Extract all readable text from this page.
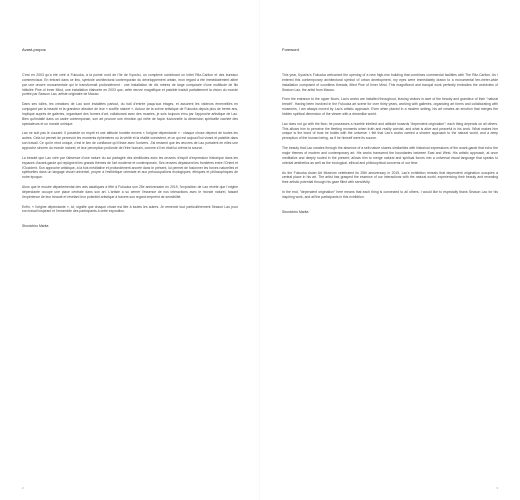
Avant-propos

C'est en 2003 qu'a été créé à Fukuoka, à la pointe nord de l'île de Kyushu, un complexe combinant un hôtel Ritz-Carlton et des bureaux commerciaux. En entrant dans ce lieu, symbole architectural contemporain du développement urbain, mon regard a été immédiatement attiré par une œuvre monumentale qui le transformait profondément : une installation de dix mètres de large composée d'une multitude de fils intitulée Pine of Inner Mind, une installation élaborée en 2003 que, cette œuvre magnifique et paisible traduit parfaitement la vision du monde portée par Season Lao, artiste originaire de Macao.

Dans ses toiles, les créations de Lao sont installées partout, du hall d'entrée jusqu'aux étages, et assurent les visiteurs émerveillés en conjugant par la beauté et la grandeur absolue de leur « souffle naturel ». Autour de la scène artistique de Fukuoka depuis plus de trente ans, impliqué auprès de galeries, organisant des formes d'art, collaborant avec des musées, je suis toujours ému par l'approche artistique de Lao. Bien qu'installé dans un cadre contemporain, son art procure une émotion qui mêle de façon fusionnelle la dimension spirituelle cachée des spectateurs et un monde onirique.

Lao ne suit pas le courant. Il possède un esprit et une attitude humble envers « l'origine dépendante » : chaque chose dépend de toutes les autres. Cela lui permet de percevoir les moments éphémères où la vérité et la réalité coexistent, et ce qui est aujourd'hui vivant et paisible dans son travail. Ce qui le rend unique, c'est le lien de confiance qu'il tisse avec l'univers. J'ai ressenti que les œuvres de Lao portaient en elles une approche sincère du monde naturel, et leur perception profonde de l'être humain, comme s'il en était lui-même la source.

La beauté que Lao crée par l'absence d'une nature du soi partagée des similitudes avec les œuvres d'esprit d'expression historique dans les espaces d'avant-garde qui rejoignent les grands thèmes de l'art moderne et contemporain. Ses œuvres dépassent les frontières entre l'Orient et l'Occident. Son approche artistique, à la fois méditative et profondément ancrée dans le présent, lui permet de fusionner les forces naturelles et spirituelles dans un langage visuel universel, propre à l'esthétique orientale et aux préoccupations écologiques, éthiques et philosophiques de notre époque.

Alors que le musée départemental des arts asiatiques a fêté à Fukuoka son 25e anniversaire en 2019, l'exposition de Lao révèle que l'origine dépendante occupe une place centrale dans son art. L'artiste a su cerner l'essence de nos interactions avec le monde naturel, faisant l'expérience de leur beauté et révélant leur potentiel artistique à travers son regard empreint de sensibilité.

Enfin, « l'origine dépendante », ici, signifie que chaque chose est liée à toutes les autres. Je remercie tout particulièrement Season Lao pour son travail inspirant et l'ensemble des participants à cette exposition.

Shunichiro Marita

2
Foreword

This year, Kyushu's Fukuoka welcomed the opening of a new high-rise building that combines commercial facilities with The Ritz-Carlton. As I entered this contemporary architectural symbol of urban development, my eyes were immediately drawn to a monumental ten-meter-wide installation composed of countless threads, titled Pine of Inner Mind. This magnificent and tranquil work perfectly embodies the worldview of Season Lao, the artist from Macau.

From the entrance to the upper floors, Lao's works are installed throughout, leaving visitors in awe of the beauty and grandeur of their "natural breath". Having been involved in the Fukuoka art scene for over thirty years, working with galleries, organizing art forms and collaborating with museums, I am always moved by Lao's artistic approach. Even when placed in a modern setting, his art creates an emotion that merges the hidden spiritual dimension of the viewer with a dreamlike world.

Lao does not go with the flow; he possesses a humble intellect and attitude towards "dependent origination": each thing depends on all others. This allows him to perceive the fleeting moments when truth and reality coexist, and what is alive and peaceful in his work. What makes him unique is the bond of trust he builds with the universe. I felt that Lao's works carried a sincere approach to the natural world, and a deep perception of the human being, as if he himself were its source.

The beauty that Lao creates through the absence of a self-nature shares similarities with historical expressions of the avant-garde that echo the major themes of modern and contemporary art. His works transcend the boundaries between East and West. His artistic approach, at once meditative and deeply rooted in the present, allows him to merge natural and spiritual forces into a universal visual language that speaks to oriental aesthetics as well as the ecological, ethical and philosophical concerns of our time.

As the Fukuoka Asian Art Museum celebrated its 25th anniversary in 2019, Lao's exhibition reveals that dependent origination occupies a central place in his art. The artist has grasped the essence of our interactions with the natural world, experiencing their beauty and revealing their artistic potential through his gaze filled with sensitivity.

In the end, "dependent origination" here means that each thing is connected to all others. I would like to especially thank Season Lao for his inspiring work, and all the participants in this exhibition.

Shunichiro Marita

3
